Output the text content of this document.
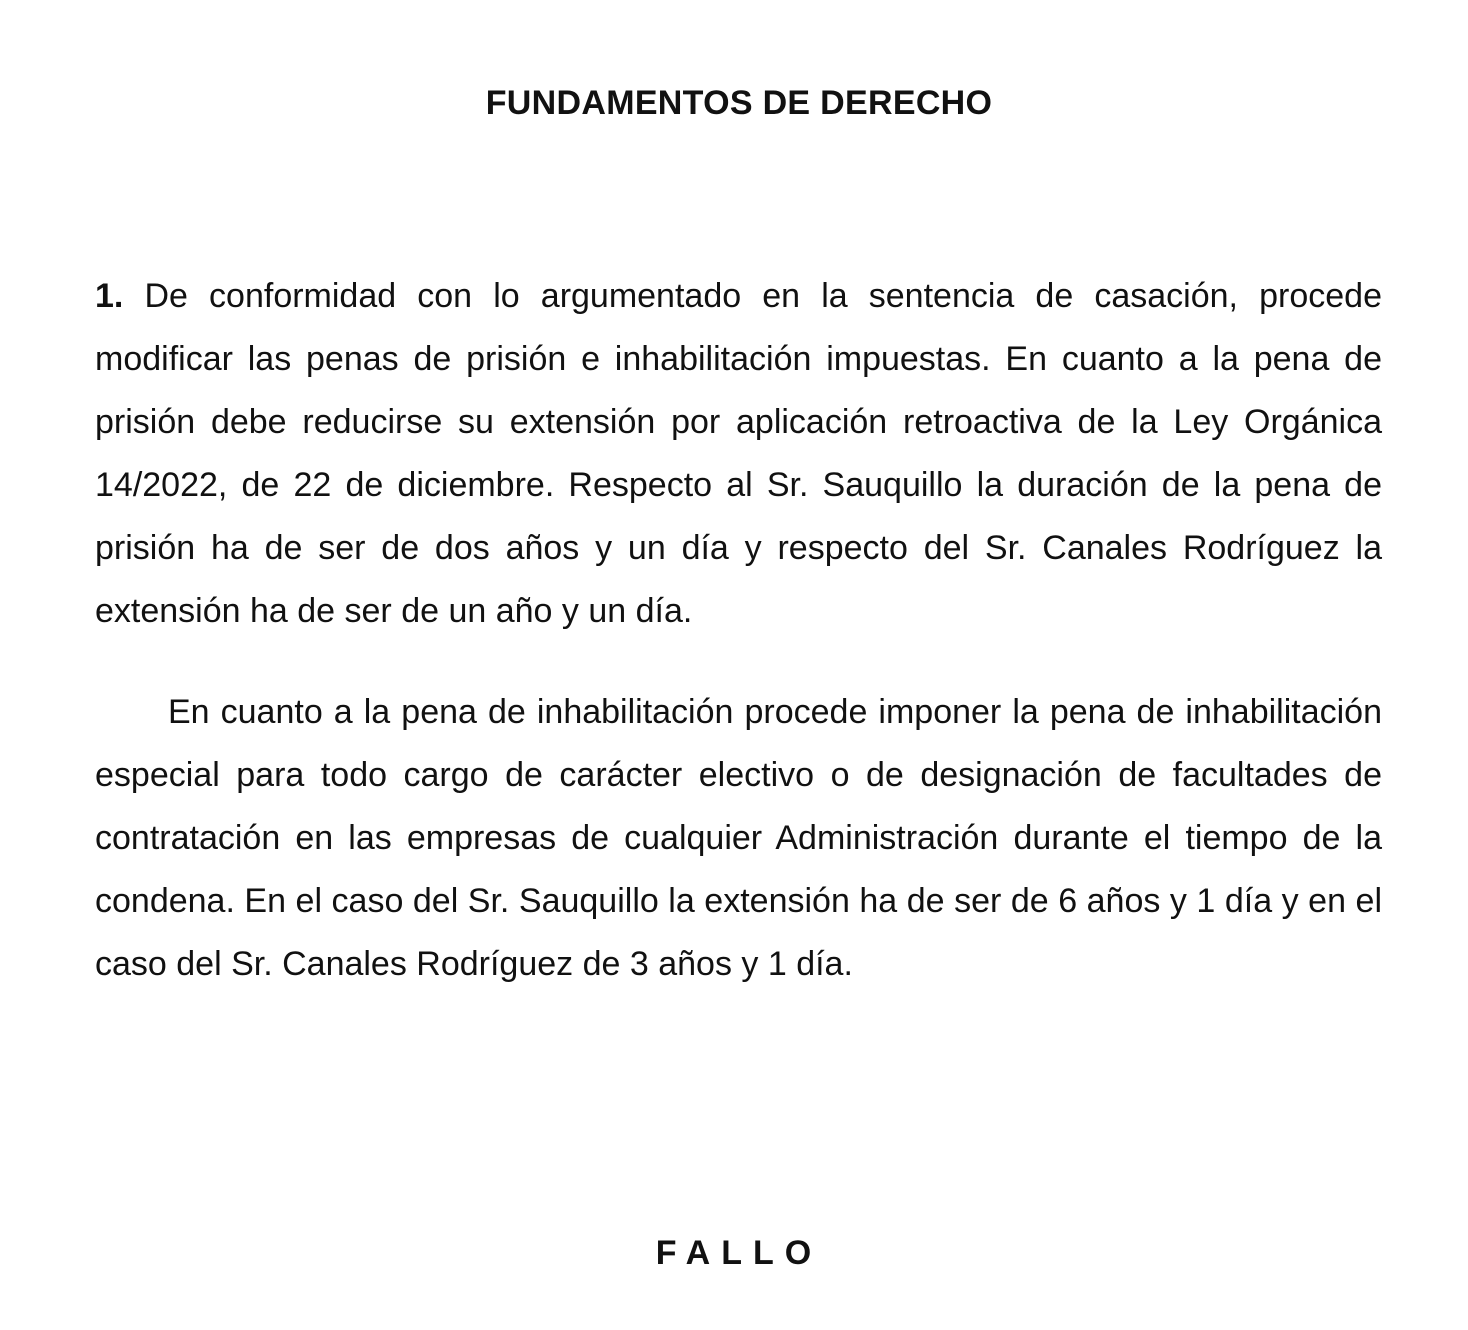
FUNDAMENTOS DE DERECHO

1. De conformidad con lo argumentado en la sentencia de casación, procede modificar las penas de prisión e inhabilitación impuestas. En cuanto a la pena de prisión debe reducirse su extensión por aplicación retroactiva de la Ley Orgánica 14/2022, de 22 de diciembre. Respecto al Sr. Sauquillo la duración de la pena de prisión ha de ser de dos años y un día y respecto del Sr. Canales Rodríguez la extensión ha de ser de un año y un día.

En cuanto a la pena de inhabilitación procede imponer la pena de inhabilitación especial para todo cargo de carácter electivo o de designación de facultades de contratación en las empresas de cualquier Administración durante el tiempo de la condena. En el caso del Sr. Sauquillo la extensión ha de ser de 6 años y 1 día y en el caso del Sr. Canales Rodríguez de 3 años y 1 día.

FALLO
